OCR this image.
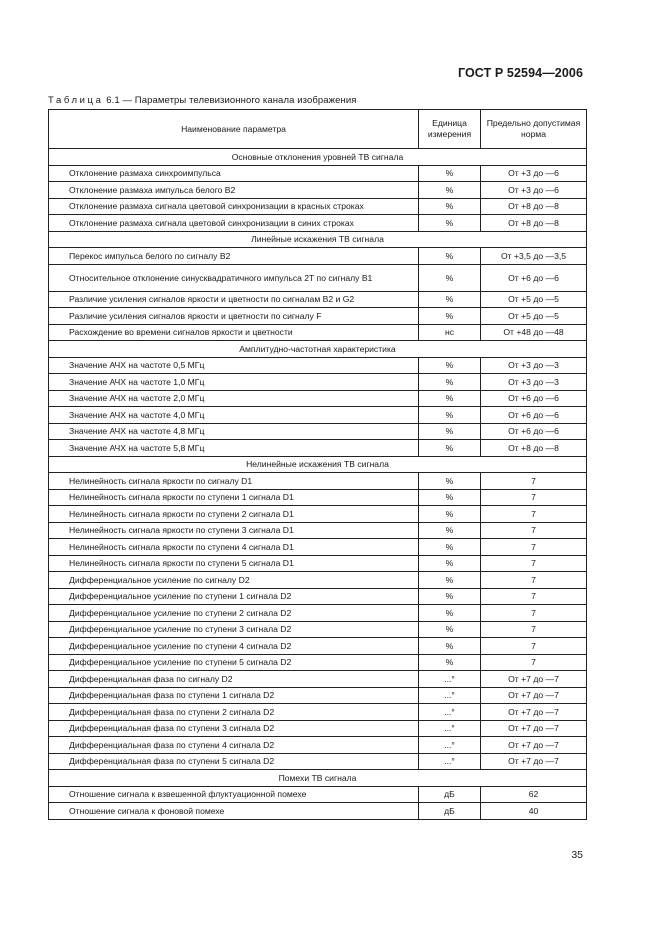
ГОСТ Р 52594—2006
Таблица 6.1 — Параметры телевизионного канала изображения
Наименование параметра	Единица измерения	Предельно допустимая норма
Основные отклонения уровней ТВ сигнала		
Отклонение размаха синхроимпульса	%	От +3 до —6
Отклонение размаха импульса белого В2	%	От +3 до —6
Отклонение размаха сигнала цветовой синхронизации в красных строках	%	От +8 до —8
Отклонение размаха сигнала цветовой синхронизации в синих строках	%	От +8 до —8
Линейные искажения ТВ сигнала		
Перекос импульса белого по сигналу В2	%	От +3,5 до —3,5
Относительное отклонение синусквадратичного импульса 2T по сигналу В1	%	От +6 до —6
Различие усиления сигналов яркости и цветности по сигналам В2 и G2	%	От +5 до —5
Различие усиления сигналов яркости и цветности по сигналу F	%	От +5 до —5
Расхождение во времени сигналов яркости и цветности	нс	От +48 до —48
Амплитудно-частотная характеристика		
Значение АЧХ на частоте 0,5 МГц	%	От +3 до —3
Значение АЧХ на частоте 1,0 МГц	%	От +3 до —3
Значение АЧХ на частоте 2,0 МГц	%	От +6 до —6
Значение АЧХ на частоте 4,0 МГц	%	От +6 до —6
Значение АЧХ на частоте 4,8 МГц	%	От +6 до —6
Значение АЧХ на частоте 5,8 МГц	%	От +8 до —8
Нелинейные искажения ТВ сигнала		
Нелинейность сигнала яркости по сигналу D1	%	7
Нелинейность сигнала яркости по ступени 1 сигнала D1	%	7
Нелинейность сигнала яркости по ступени 2 сигнала D1	%	7
Нелинейность сигнала яркости по ступени 3 сигнала D1	%	7
Нелинейность сигнала яркости по ступени 4 сигнала D1	%	7
Нелинейность сигнала яркости по ступени 5 сигнала D1	%	7
Дифференциальное усиление по сигналу D2	%	7
Дифференциальное усиление по ступени 1 сигнала D2	%	7
Дифференциальное усиление по ступени 2 сигнала D2	%	7
Дифференциальное усиление по ступени 3 сигнала D2	%	7
Дифференциальное усиление по ступени 4 сигнала D2	%	7
Дифференциальное усиление по ступени 5 сигнала D2	%	7
Дифференциальная фаза по сигналу D2	...°	От +7 до —7
Дифференциальная фаза по ступени 1 сигнала D2	...°	От +7 до —7
Дифференциальная фаза по ступени 2 сигнала D2	...°	От +7 до —7
Дифференциальная фаза по ступени 3 сигнала D2	...°	От +7 до —7
Дифференциальная фаза по ступени 4 сигнала D2	...°	От +7 до —7
Дифференциальная фаза по ступени 5 сигнала D2	...°	От +7 до —7
Помехи ТВ сигнала		
Отношение сигнала к взвешенной флуктуационной помехе	дБ	62
Отношение сигнала к фоновой помехе	дБ	40
35
